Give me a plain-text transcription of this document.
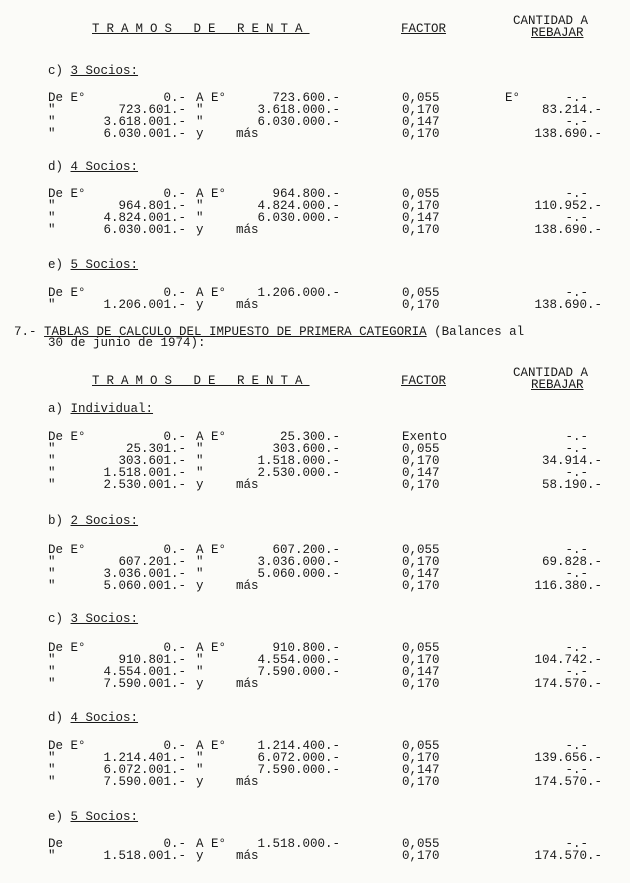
TRAMOS DE RENTA	FACTOR
CANTIDAD A
REBAJAR
7.- TABLAS DE CALCULO DEL IMPUESTO DE PRIMERA CATEGORIA (Balances al
30 de junio de 1974):
TRAMOS DE RENTA	FACTOR
CANTIDAD A
REBAJAR
c) 3 Socios:
De E°	0.- A E°	723.600.-	0,055	E°	-.-
"	723.601.- "	3.618.000.-	0,170	83.214.-
"	3.618.001.- "	6.030.000.-	0,147	-.-
"	6.030.001.- y	más	0,170	138.690.-
d) 4 Socios:
De E°	0.- A E°	964.800.-	0,055	-.-
"	964.801.- "	4.824.000.-	0,170	110.952.-
"	4.824.001.- "	6.030.000.-	0,147	-.-
"	6.030.001.- y	más	0,170	138.690.-
e) 5 Socios:
De E°	0.- A E°	1.206.000.-	0,055	-.-
"	1.206.001.- y	más	0,170	138.690.-
a) Individual:
De E°	0.- A E°	25.300.-	Exento	-.-
"	25.301.- "	303.600.-	0,055	-.-
"	303.601.- "	1.518.000.-	0,170	34.914.-
"	1.518.001.- "	2.530.000.-	0,147	-.-
"	2.530.001.- y	más	0,170	58.190.-
b) 2 Socios:
De E°	0.- A E°	607.200.-	0,055	-.-
"	607.201.- "	3.036.000.-	0,170	69.828.-
"	3.036.001.- "	5.060.000.-	0,147	-.-
"	5.060.001.- y	más	0,170	116.380.-
c) 3 Socios:
De E°	0.- A E°	910.800.-	0,055	-.-
"	910.801.- "	4.554.000.-	0,170	104.742.-
"	4.554.001.- "	7.590.000.-	0,147	-.-
"	7.590.001.- y	más	0,170	174.570.-
d) 4 Socios:
De E°	0.- A E°	1.214.400.-	0,055	-.-
"	1.214.401.- "	6.072.000.-	0,170	139.656.-
"	6.072.001.- "	7.590.000.-	0,147	-.-
"	7.590.001.- y	más	0,170	174.570.-
e) 5 Socios:
De	0.- A E°	1.518.000.-	0,055	-.-
"	1.518.001.- y	más	0,170	174.570.-
